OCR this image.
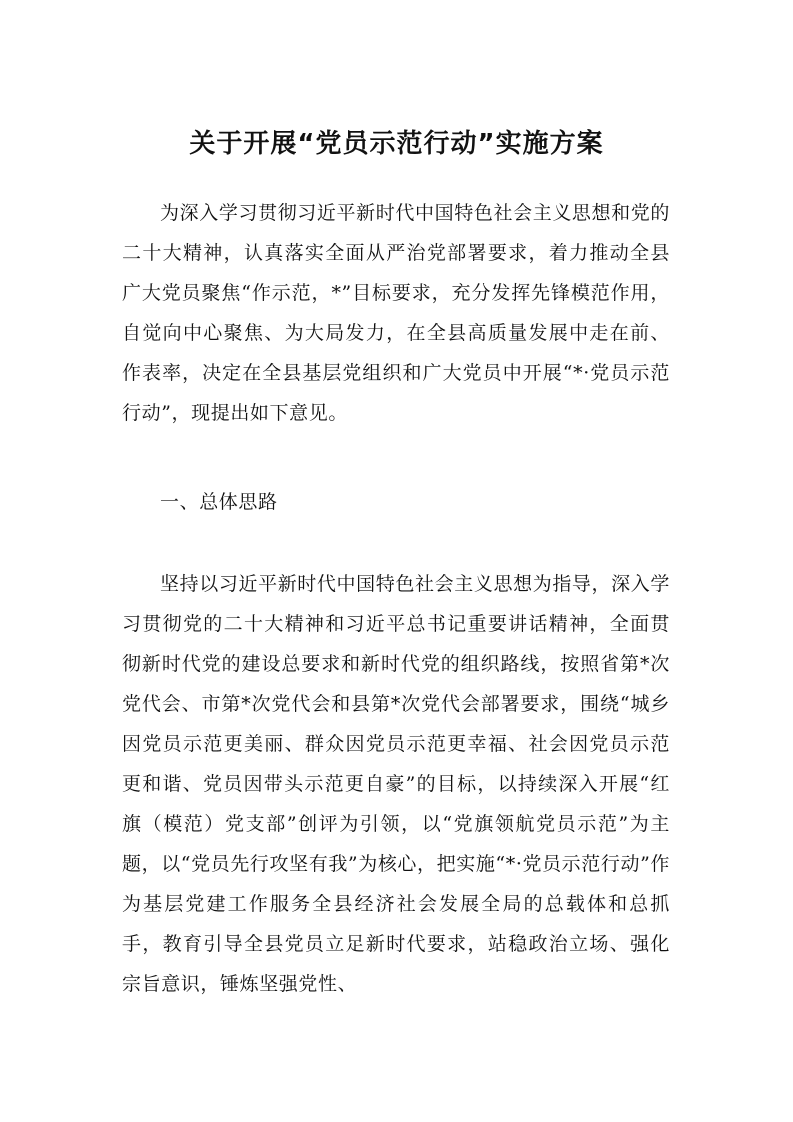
关于开展“党员示范行动”实施方案

为深入学习贯彻习近平新时代中国特色社会主义思想和党的二十大精神，认真落实全面从严治党部署要求，着力推动全县广大党员聚焦“作示范，*”目标要求，充分发挥先锋模范作用，自觉向中心聚焦、为大局发力，在全县高质量发展中走在前、作表率，决定在全县基层党组织和广大党员中开展“*·党员示范行动”，现提出如下意见。

一、总体思路

坚持以习近平新时代中国特色社会主义思想为指导，深入学习贯彻党的二十大精神和习近平总书记重要讲话精神，全面贯彻新时代党的建设总要求和新时代党的组织路线，按照省第*次党代会、市第*次党代会和县第*次党代会部署要求，围绕“城乡因党员示范更美丽、群众因党员示范更幸福、社会因党员示范更和谐、党员因带头示范更自豪”的目标，以持续深入开展“红旗（模范）党支部”创评为引领，以“党旗领航党员示范”为主题，以“党员先行攻坚有我”为核心，把实施“*·党员示范行动”作为基层党建工作服务全县经济社会发展全局的总载体和总抓手，教育引导全县党员立足新时代要求，站稳政治立场、强化宗旨意识，锤炼坚强党性、
